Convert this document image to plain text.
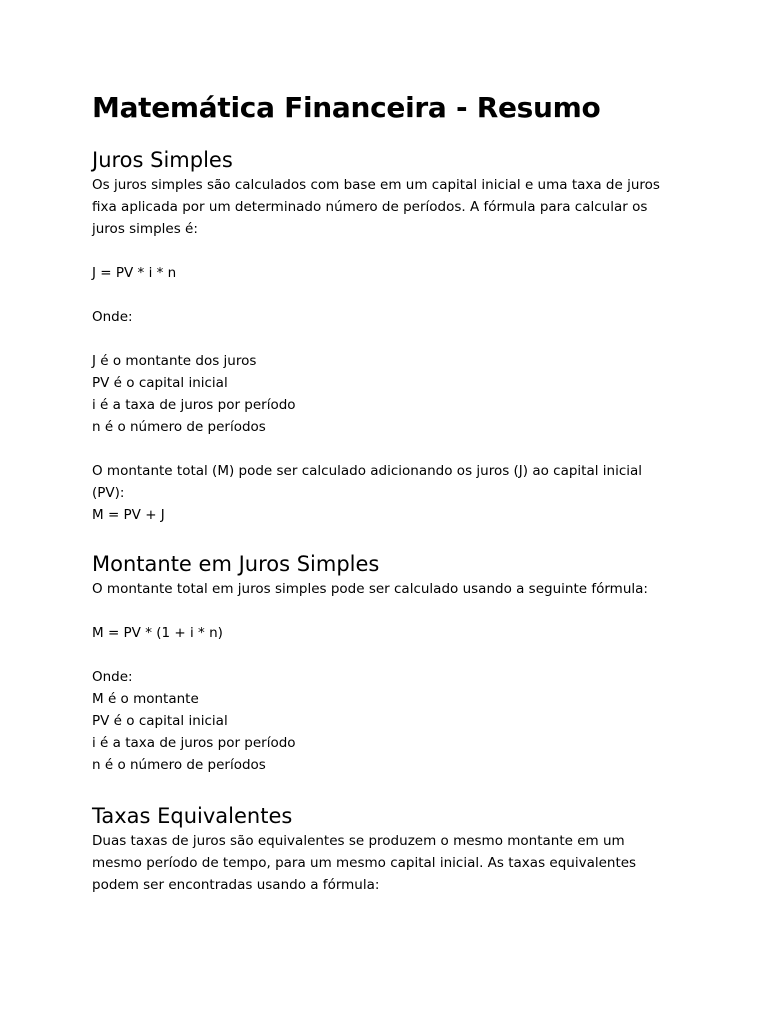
Matemática Financeira - Resumo
Juros Simples

Os juros simples são calculados com base em um capital inicial e uma taxa de juros

fixa aplicada por um determinado número de períodos. A fórmula para calcular os

juros simples é:

J = PV * i * n

Onde:

J é o montante dos juros

PV é o capital inicial

i é a taxa de juros por período

n é o número de períodos

O montante total (M) pode ser calculado adicionando os juros (J) ao capital inicial

(PV):

M = PV + J

Montante em Juros Simples

O montante total em juros simples pode ser calculado usando a seguinte fórmula:

M = PV * (1 + i * n)

Onde:

M é o montante

PV é o capital inicial

i é a taxa de juros por período

n é o número de períodos

Taxas Equivalentes

Duas taxas de juros são equivalentes se produzem o mesmo montante em um

mesmo período de tempo, para um mesmo capital inicial. As taxas equivalentes

podem ser encontradas usando a fórmula:
